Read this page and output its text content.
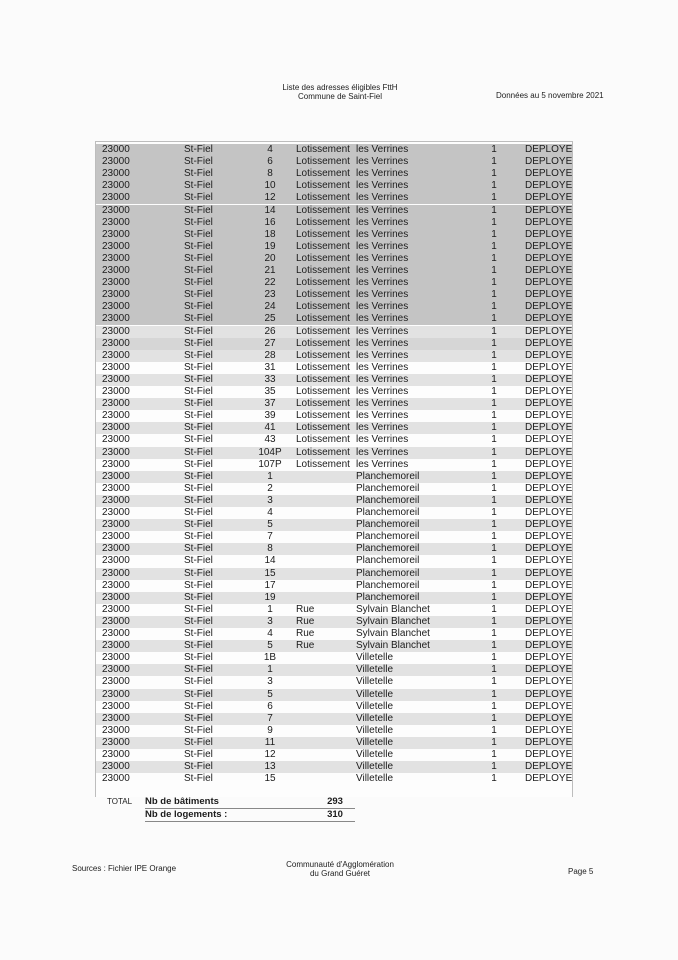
Liste des adresses éligibles FttH
Commune de Saint-Fiel	Données au 5 novembre 2021
23000	St-Fiel	4	Lotissement les Verrines	1	DEPLOYE
23000	St-Fiel	6	Lotissement les Verrines	1	DEPLOYE
23000	St-Fiel	8	Lotissement les Verrines	1	DEPLOYE
23000	St-Fiel	10	Lotissement les Verrines	1	DEPLOYE
23000	St-Fiel	12	Lotissement les Verrines	1	DEPLOYE
23000	St-Fiel	14	Lotissement les Verrines	1	DEPLOYE
23000	St-Fiel	16	Lotissement les Verrines	1	DEPLOYE
23000	St-Fiel	18	Lotissement les Verrines	1	DEPLOYE
23000	St-Fiel	19	Lotissement les Verrines	1	DEPLOYE
23000	St-Fiel	20	Lotissement les Verrines	1	DEPLOYE
23000	St-Fiel	21	Lotissement les Verrines	1	DEPLOYE
23000	St-Fiel	22	Lotissement les Verrines	1	DEPLOYE
23000	St-Fiel	23	Lotissement les Verrines	1	DEPLOYE
23000	St-Fiel	24	Lotissement les Verrines	1	DEPLOYE
23000	St-Fiel	25	Lotissement les Verrines	1	DEPLOYE
23000	St-Fiel	26	Lotissement les Verrines	1	DEPLOYE
23000	St-Fiel	27	Lotissement les Verrines	1	DEPLOYE
23000	St-Fiel	28	Lotissement les Verrines	1	DEPLOYE
23000	St-Fiel	31	Lotissement les Verrines	1	DEPLOYE
23000	St-Fiel	33	Lotissement les Verrines	1	DEPLOYE
23000	St-Fiel	35	Lotissement les Verrines	1	DEPLOYE
23000	St-Fiel	37	Lotissement les Verrines	1	DEPLOYE
23000	St-Fiel	39	Lotissement les Verrines	1	DEPLOYE
23000	St-Fiel	41	Lotissement les Verrines	1	DEPLOYE
23000	St-Fiel	43	Lotissement les Verrines	1	DEPLOYE
23000	St-Fiel	104P	Lotissement les Verrines	1	DEPLOYE
23000	St-Fiel	107P	Lotissement les Verrines	1	DEPLOYE
23000	St-Fiel	1	Planchemoreil	1	DEPLOYE
23000	St-Fiel	2	Planchemoreil	1	DEPLOYE
23000	St-Fiel	3	Planchemoreil	1	DEPLOYE
23000	St-Fiel	4	Planchemoreil	1	DEPLOYE
23000	St-Fiel	5	Planchemoreil	1	DEPLOYE
23000	St-Fiel	7	Planchemoreil	1	DEPLOYE
23000	St-Fiel	8	Planchemoreil	1	DEPLOYE
23000	St-Fiel	14	Planchemoreil	1	DEPLOYE
23000	St-Fiel	15	Planchemoreil	1	DEPLOYE
23000	St-Fiel	17	Planchemoreil	1	DEPLOYE
23000	St-Fiel	19	Planchemoreil	1	DEPLOYE
23000	St-Fiel	1	Rue	Sylvain Blanchet	1	DEPLOYE
23000	St-Fiel	3	Rue	Sylvain Blanchet	1	DEPLOYE
23000	St-Fiel	4	Rue	Sylvain Blanchet	1	DEPLOYE
23000	St-Fiel	5	Rue	Sylvain Blanchet	1	DEPLOYE
23000	St-Fiel	1B	Villetelle	1	DEPLOYE
23000	St-Fiel	1	Villetelle	1	DEPLOYE
23000	St-Fiel	3	Villetelle	1	DEPLOYE
23000	St-Fiel	5	Villetelle	1	DEPLOYE
23000	St-Fiel	6	Villetelle	1	DEPLOYE
23000	St-Fiel	7	Villetelle	1	DEPLOYE
23000	St-Fiel	9	Villetelle	1	DEPLOYE
23000	St-Fiel	11	Villetelle	1	DEPLOYE
23000	St-Fiel	12	Villetelle	1	DEPLOYE
23000	St-Fiel	13	Villetelle	1	DEPLOYE
23000	St-Fiel	15	Villetelle	1	DEPLOYE
TOTAL Nb de bâtiments	293
Nb de logements :	310
Sources : Fichier IPE Orange	Communauté d'Agglomération
du Grand Guéret	Page 5
